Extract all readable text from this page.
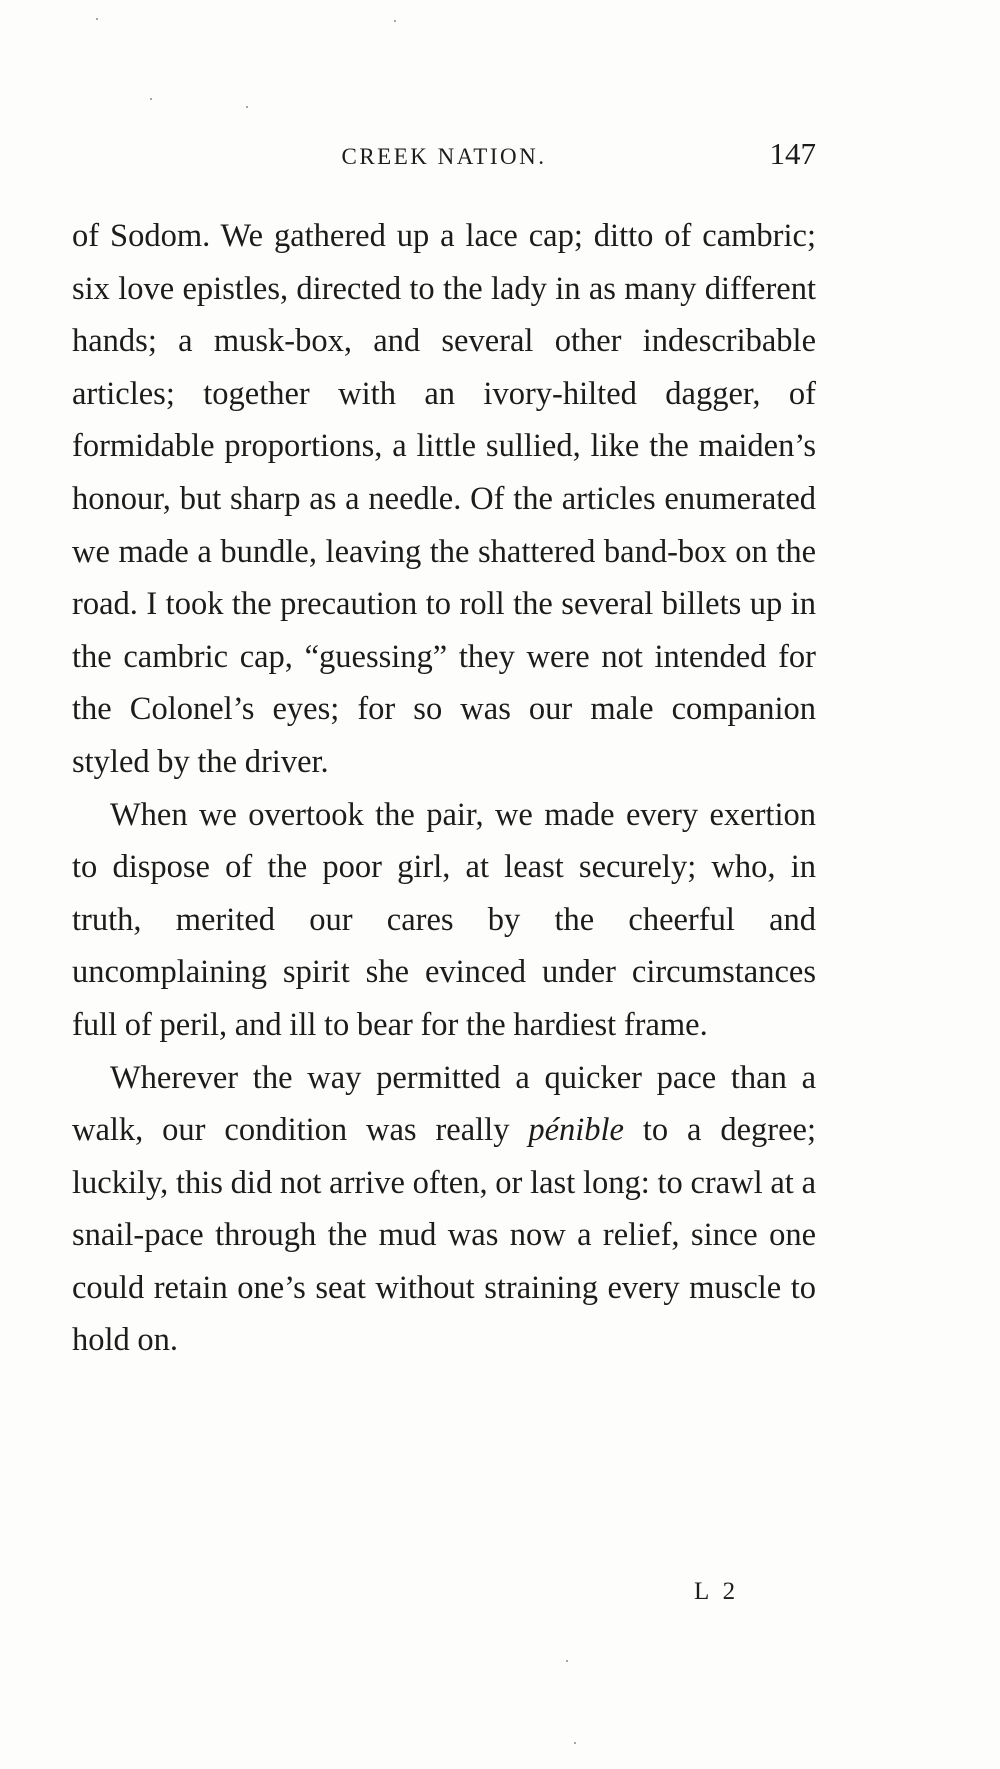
CREEK NATION.	147

of Sodom. We gathered up a lace cap; ditto of cambric; six love epistles, directed to the lady in as many different hands; a musk-box, and several other indescribable articles; together with an ivory-hilted dagger, of formidable proportions, a little sullied, like the maiden’s honour, but sharp as a needle. Of the articles enumerated we made a bundle, leaving the shattered band-box on the road. I took the precaution to roll the several billets up in the cambric cap, “guessing” they were not intended for the Colonel’s eyes; for so was our male companion styled by the driver.

When we overtook the pair, we made every exertion to dispose of the poor girl, at least securely; who, in truth, merited our cares by the cheerful and uncomplaining spirit she evinced under circumstances full of peril, and ill to bear for the hardiest frame.

Wherever the way permitted a quicker pace than a walk, our condition was really pénible to a degree; luckily, this did not arrive often, or last long: to crawl at a snail-pace through the mud was now a relief, since one could retain one’s seat without straining every muscle to hold on.

L 2
